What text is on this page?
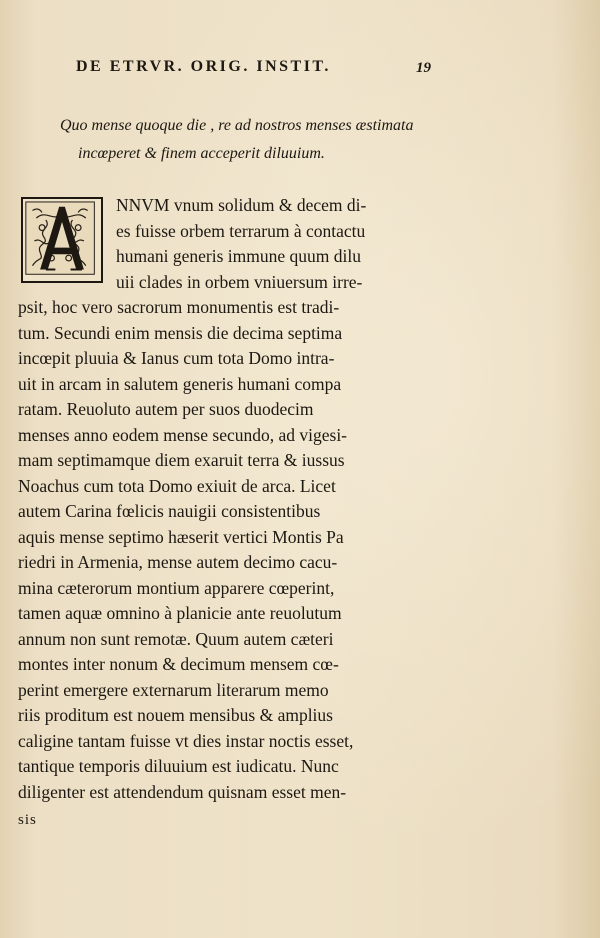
DE ETRVR. ORIG. INSTIT.	19
Quo mense quoque die , re ad nostros menses æstimata
incœperet & finem acceperit diluuium.
NNVM vnum solidum & decem di-
es fuisse orbem terrarum à contactu
humani generis immune quum dilu
uii clades in orbem vniuersum irre-
psit, hoc vero sacrorum monumentis est tradi-
tum. Secundi enim mensis die decima septima
incœpit pluuia & Ianus cum tota Domo intra-
uit in arcam in salutem generis humani compa
ratam. Reuoluto autem per suos duodecim
menses anno eodem mense secundo, ad vigesi-
mam septimamque diem exaruit terra & iussus
Noachus cum tota Domo exiuit de arca. Licet
autem Carina fœlicis nauigii consistentibus
aquis mense septimo hæserit vertici Montis Pa
riedri in Armenia, mense autem decimo cacu-
mina cæterorum montium apparere cœperint,
tamen aquæ omnino à planicie ante reuolutum
annum non sunt remotæ. Quum autem cæteri
montes inter nonum & decimum mensem cœ-
perint emergere externarum literarum memo
riis proditum est nouem mensibus & amplius
caligine tantam fuisse vt dies instar noctis esset,
tantique temporis diluuium est iudicatu. Nunc
diligenter est attendendum quisnam esset men-
sis
